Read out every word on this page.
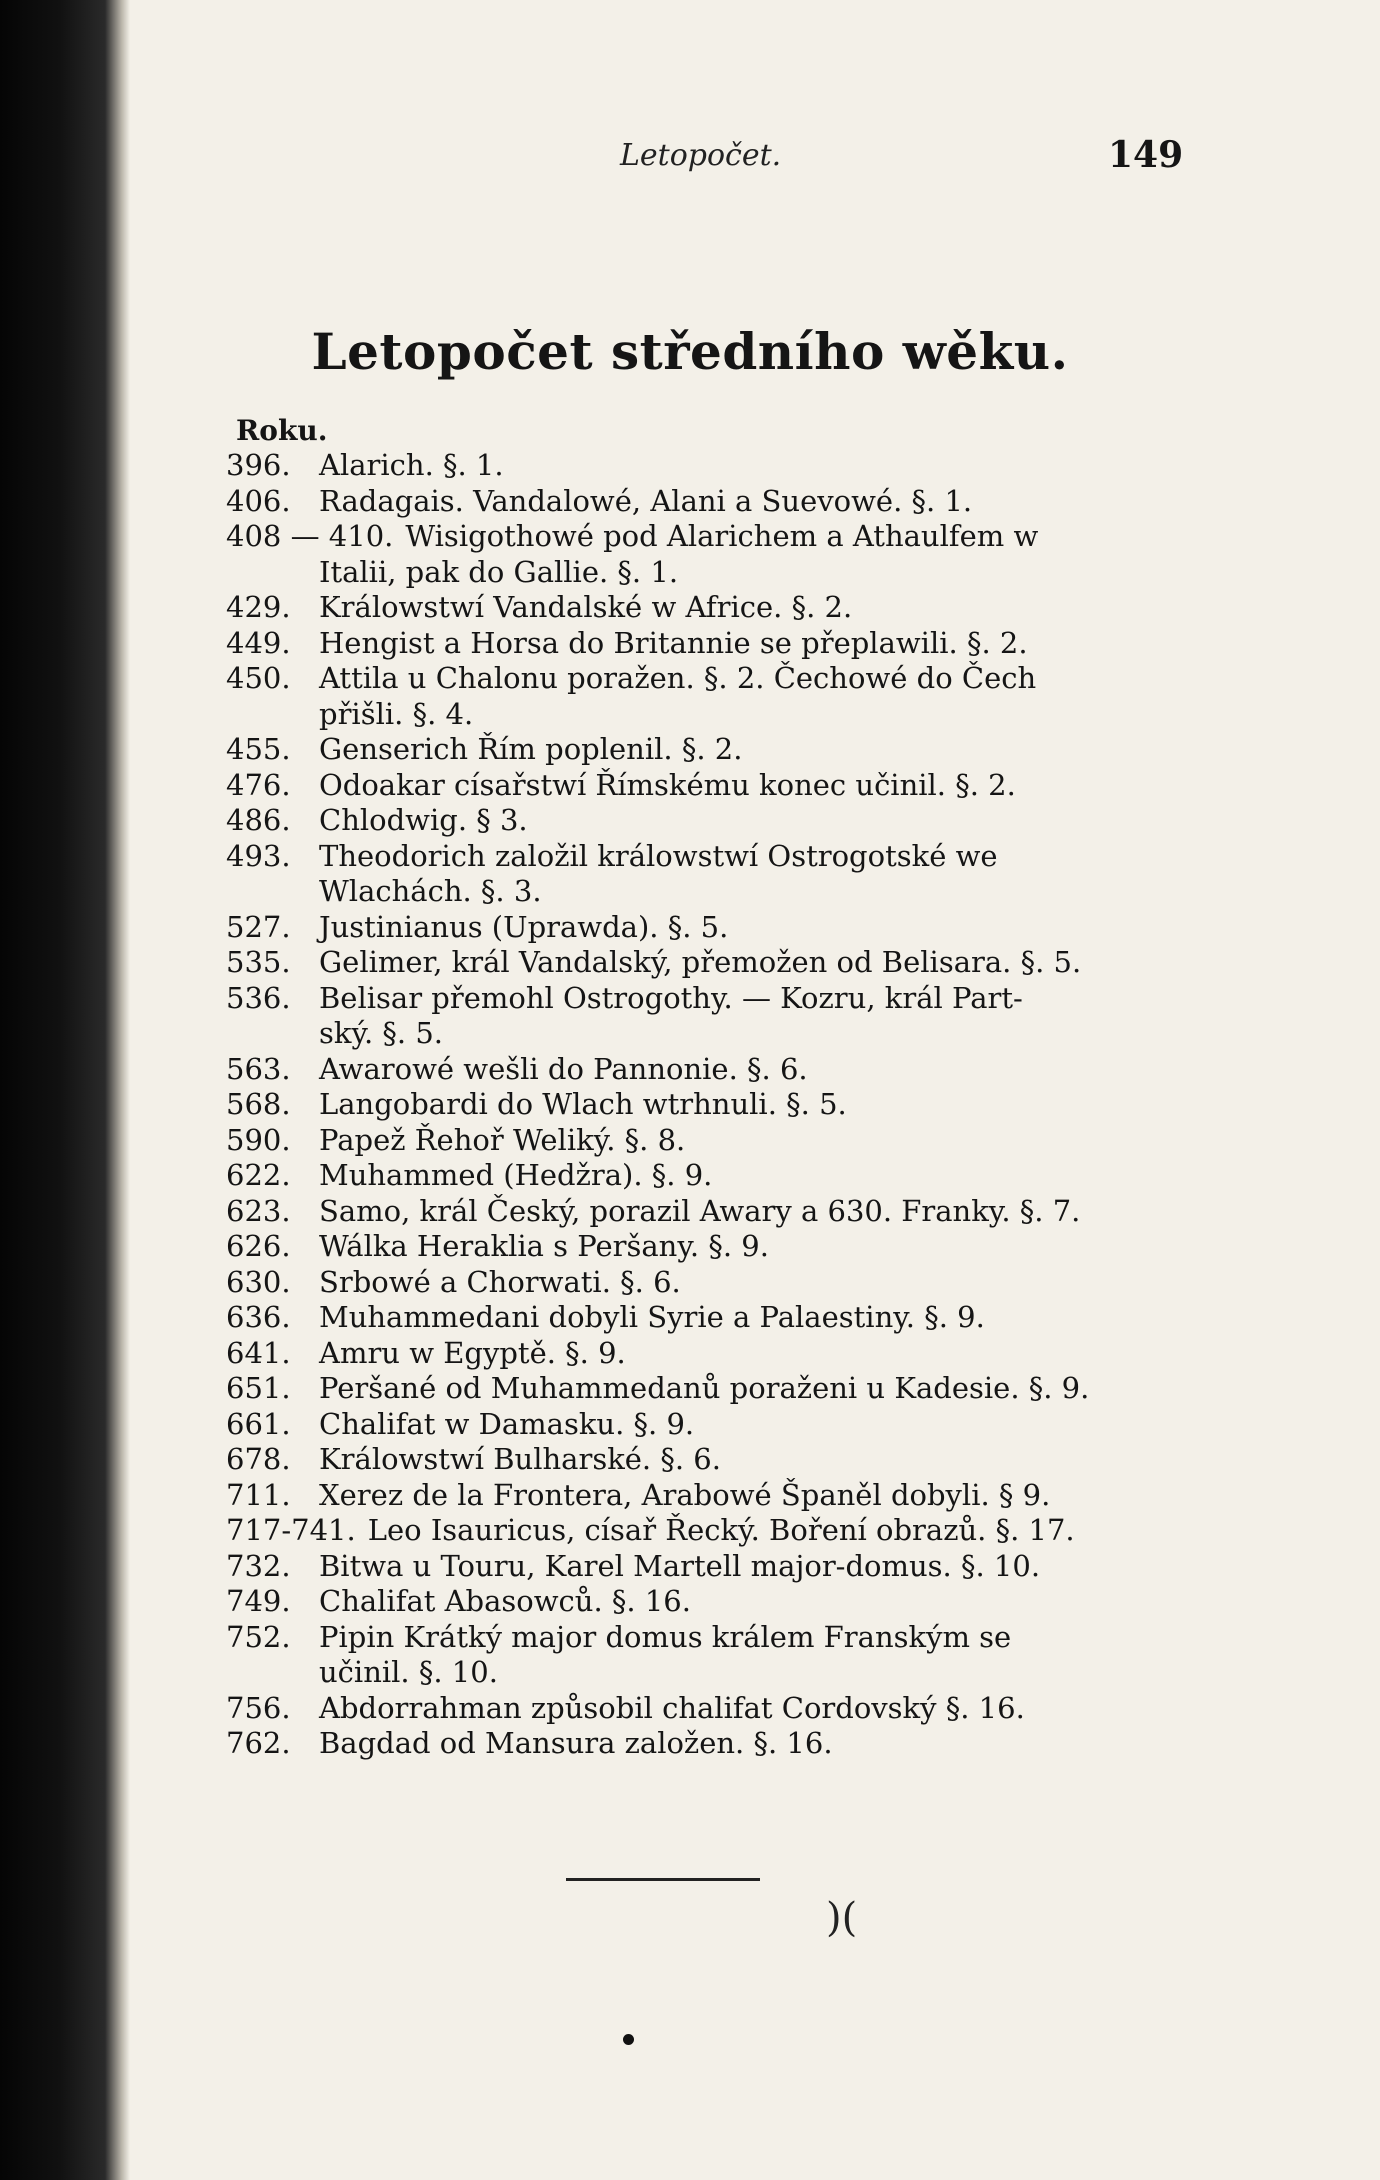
Letopočet.	149
Letopočet středního wěku.
Roku.
396. Alarich. §. 1.
406. Radagais. Vandalowé, Alani a Suevowé. §. 1.
408 — 410. Wisigothowé pod Alarichem a Athaulfem w
Italii, pak do Gallie. §. 1.
429. Králowstwí Vandalské w Africe. §. 2.
449. Hengist a Horsa do Britannie se přeplawili. §. 2.
450. Attila u Chalonu poražen. §. 2. Čechowé do Čech
přišli. §. 4.
455. Genserich Řím poplenil. §. 2.
476. Odoakar císařstwí Římskému konec učinil. §. 2.
486. Chlodwig. § 3.
493. Theodorich založil králowstwí Ostrogotské we
Wlachách. §. 3.
527. Justinianus (Uprawda). §. 5.
535. Gelimer, král Vandalský, přemožen od Belisara. §. 5.
536. Belisar přemohl Ostrogothy. — Kozru, král Part-
ský. §. 5.
563. Awarowé wešli do Pannonie. §. 6.
568. Langobardi do Wlach wtrhnuli. §. 5.
590. Papež Řehoř Weliký. §. 8.
622. Muhammed (Hedžra). §. 9.
623. Samo, král Český, porazil Awary a 630. Franky. §. 7.
626. Wálka Heraklia s Peršany. §. 9.
630. Srbowé a Chorwati. §. 6.
636. Muhammedani dobyli Syrie a Palaestiny. §. 9.
641. Amru w Egyptě. §. 9.
651. Peršané od Muhammedanů poraženi u Kadesie. §. 9.
661. Chalifat w Damasku. §. 9.
678. Králowstwí Bulharské. §. 6.
711. Xerez de la Frontera, Arabowé Španěl dobyli. § 9.
717-741. Leo Isauricus, císař Řecký. Boření obrazů. §. 17.
732. Bitwa u Touru, Karel Martell major-domus. §. 10.
749. Chalifat Abasowců. §. 16.
752. Pipin Krátký major domus králem Franským se
učinil. §. 10.
756. Abdorrahman způsobil chalifat Cordovský §. 16.
762. Bagdad od Mansura založen. §. 16.
)(
